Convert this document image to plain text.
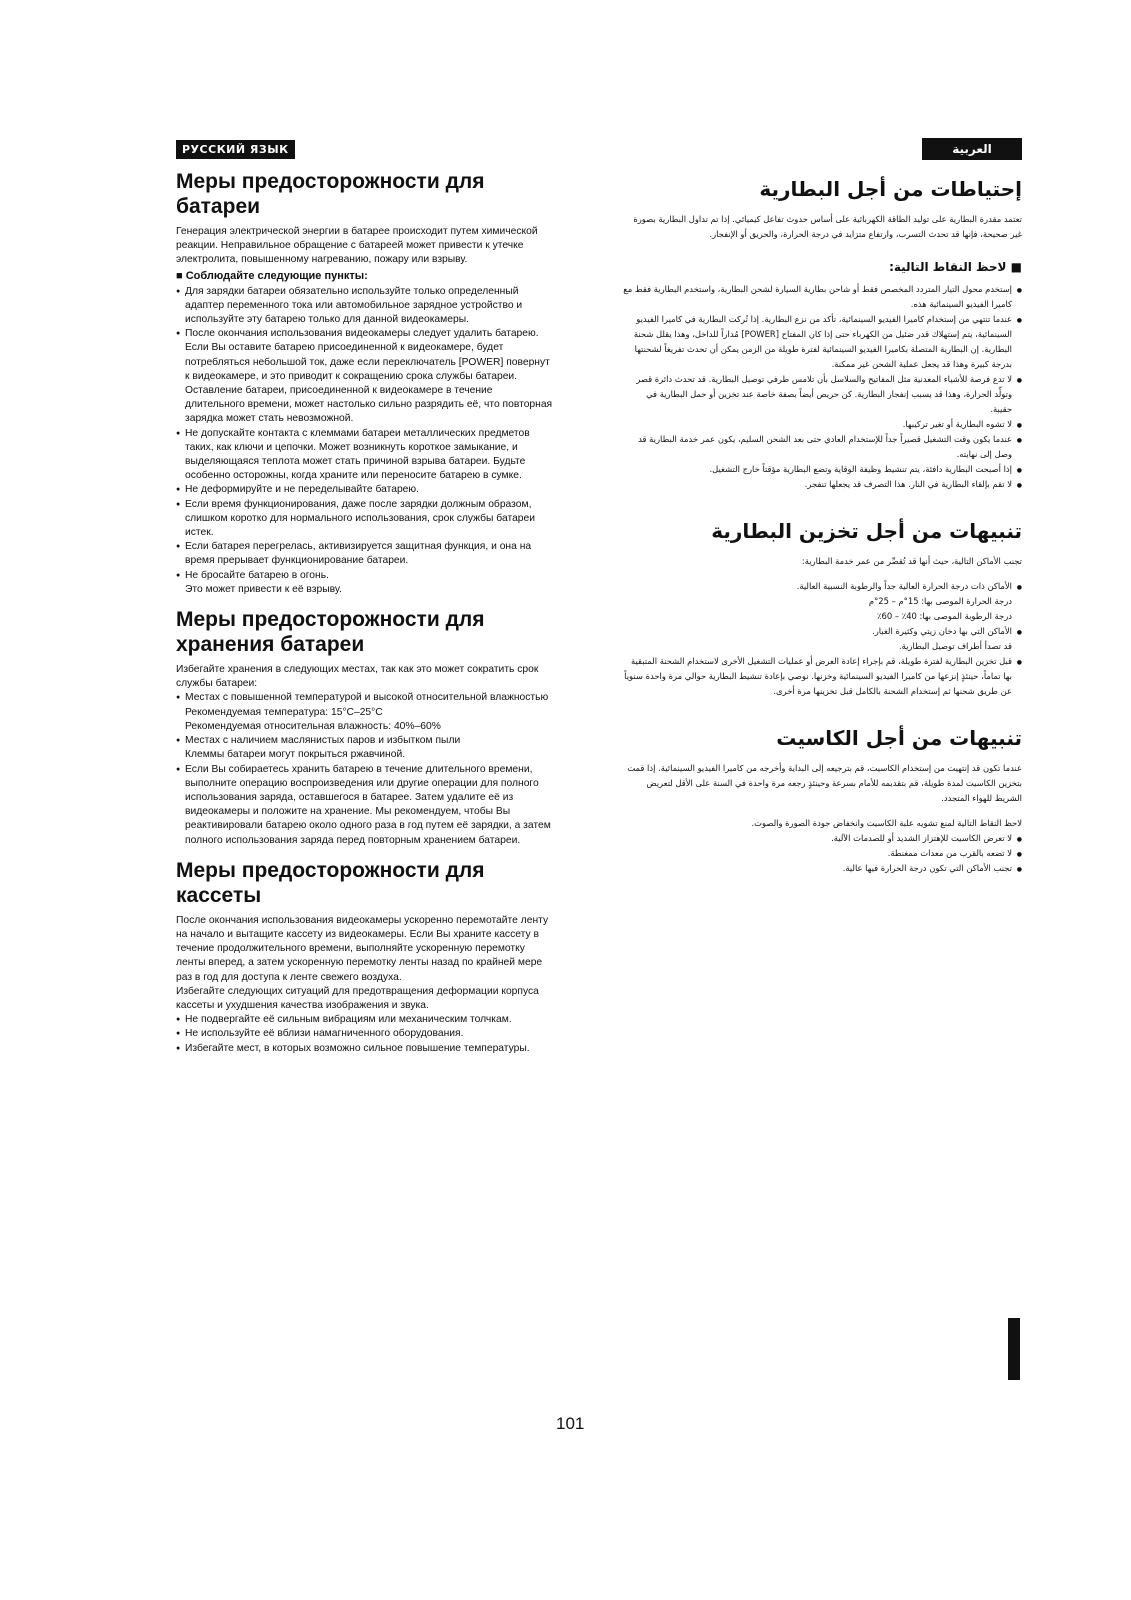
РУССКИЙ ЯЗЫК
Меры предосторожности для батареи

Генерация электрической энергии в батарее происходит путем химической реакции. Неправильное обращение с батареей может привести к утечке электролита, повышенному нагреванию, пожару или взрыву.

■ Соблюдайте следующие пункты:
● Для зарядки батареи обязательно используйте только определенный адаптер переменного тока или автомобильное зарядное устройство и используйте эту батарею только для данной видеокамеры.
● После окончания использования видеокамеры следует удалить батарею.
Если Вы оставите батарею присоединенной к видеокамере, будет потребляться небольшой ток, даже если переключатель [POWER] повернут к видеокамере, и это приводит к сокращению срока службы батареи. Оставление батареи, присоединенной к видеокамере в течение длительного времени, может настолько сильно разрядить её, что повторная зарядка может стать невозможной.
● Не допускайте контакта с клеммами батареи металлических предметов таких, как ключи и цепочки. Может возникнуть короткое замыкание, и выделяющаяся теплота может стать причиной взрыва батареи. Будьте особенно осторожны, когда храните или переносите батарею в сумке.
● Не деформируйте и не переделывайте батарею.
● Если время функционирования, даже после зарядки должным образом, слишком коротко для нормального использования, срок службы батареи истек.
● Если батарея перегрелась, активизируется защитная функция, и она на время прерывает функционирование батареи.
● Не бросайте батарею в огонь.
Это может привести к её взрыву.
Меры предосторожности для хранения батареи

Избегайте хранения в следующих местах, так как это может сократить срок службы батареи:

● Местах с повышенной температурой и высокой относительной влажностью
Рекомендуемая температура: 15°C–25°C
Рекомендуемая относительная влажность: 40%–60%
● Местах с наличием маслянистых паров и избытком пыли
Клеммы батареи могут покрыться ржавчиной.
● Если Вы собираетесь хранить батарею в течение длительного времени, выполните операцию воспроизведения или другие операции для полного использования заряда, оставшегося в батарее. Затем удалите её из видеокамеры и положите на хранение. Мы рекомендуем, чтобы Вы реактивировали батарею около одного раза в год путем её зарядки, а затем полного использования заряда перед повторным хранением батареи.
Меры предосторожности для кассеты

После окончания использования видеокамеры ускоренно перемотайте ленту на начало и вытащите кассету из видеокамеры. Если Вы храните кассету в течение продолжительного времени, выполняйте ускоренную перемотку ленты вперед, а затем ускоренную перемотку ленты назад по крайней мере раз в год для доступа к ленте свежего воздуха.

Избегайте следующих ситуаций для предотвращения деформации корпуса кассеты и ухудшения качества изображения и звука.

● Не подвергайте её сильным вибрациям или механическим толчкам.
● Не используйте её вблизи намагниченного оборудования.
● Избегайте мест, в которых возможно сильное повышение температуры.
العربية
إحتياطات من أجل البطارية

تعتمد مقدرة البطارية على توليد الطاقة الكهربائية على أساس حدوث تفاعل كيميائي. إذا تم تداول البطارية بصورة غير صحيحة، فإنها قد تحدث التسرب، وارتفاع متزايد في درجة الحرارة، والحريق أو الإنفجار.

■ لاحظ النقاط التالية:
● إستخدم محول التيار المتردد المخصص فقط أو شاحن بطارية السيارة لشحن البطارية، واستخدم البطارية فقط مع كاميرا الفيديو السينمائية هذه.
● عندما تنتهي من إستخدام كاميرا الفيديو السينمائية، تأكد من نزع البطارية. إذا تُركت البطارية في كاميرا الفيديو السينمائية، يتم إستهلاك قدر ضئيل من الكهرباء حتى إذا كان المفتاح [POWER] مُداراً للداخل، وهذا يقلل شحنة البطارية. إن البطارية المتصلة بكاميرا الفيديو السينمائية لفترة طويلة من الزمن يمكن أن تحدث تفريغاً لشحنتها بدرجة كبيرة وهذا قد يجعل عملية الشحن غير ممكنة.
● لا تدع فرصة للأشياء المعدنية مثل المفاتيح والسلاسل بأن تلامس طرفي توصيل البطارية. قد تحدث دائرة قصر وتولِّد الحرارة، وهذا قد يسبب إنفجار البطارية. كن حريص أيضاً بصفة خاصة عند تخزين أو حمل البطارية في حقيبة.
● لا تشوه البطارية أو تغير تركيبها.
● عندما يكون وقت التشغيل قصيراً جداً للإستخدام العادي حتى بعد الشحن السليم، يكون عمر خدمة البطارية قد وصل إلى نهايته.
● إذا أصبحت البطارية دافئة، يتم تنشيط وظيفة الوقاية وتضع البطارية مؤقتاً خارج التشغيل.
● لا تقم بإلقاء البطارية في النار. هذا التصرف قد يجعلها تنفجر.
تنبيهات من أجل تخزين البطارية

تجنب الأماكن التالية، حيث أنها قد تُقصِّر من عمر خدمة البطارية:

● الأماكن ذات درجة الحرارة العالية جداً والرطوبة النسبية العالية.
درجة الحرارة الموصى بها: 15°م – 25°م
درجة الرطوبة الموصى بها: 40٪ – 60٪
● الأماكن التي بها دخان زيتي وكثيرة الغبار.
قد تصدأ أطراف توصيل البطارية.
● قبل تخزين البطارية لفترة طويلة، قم بإجراء إعادة العرض أو عمليات التشغيل الأخرى لاستخدام الشحنة المتبقية بها تماماً، حينئذٍ إنزعها من كاميرا الفيديو السينمائية وخزنها. نوصي بإعادة تنشيط البطارية حوالي مرة واحدة سنوياً عن طريق شحنها ثم إستخدام الشحنة بالكامل قبل تخزينها مرة أخرى.
تنبيهات من أجل الكاسيت

عندما تكون قد إنتهيت من إستخدام الكاسيت، قم بترجيعه إلى البداية وأخرجه من كاميرا الفيديو السينمائية. إذا قمت بتخزين الكاسيت لمدة طويلة، قم بتقديمه للأمام بسرعة وحينئذٍ رجعه مرة واحدة في السنة على الأقل لتعريض الشريط للهواء المتجدد.

لاحظ النقاط التالية لمنع تشويه علبة الكاسيت وانخفاض جودة الصورة والصوت.

● لا تعرض الكاسيت للإهتزاز الشديد أو للصدمات الآلية.
● لا تضعه بالقرب من معدات ممغنطة.
● تجنب الأماكن التي تكون درجة الحرارة فيها عالية.
101
